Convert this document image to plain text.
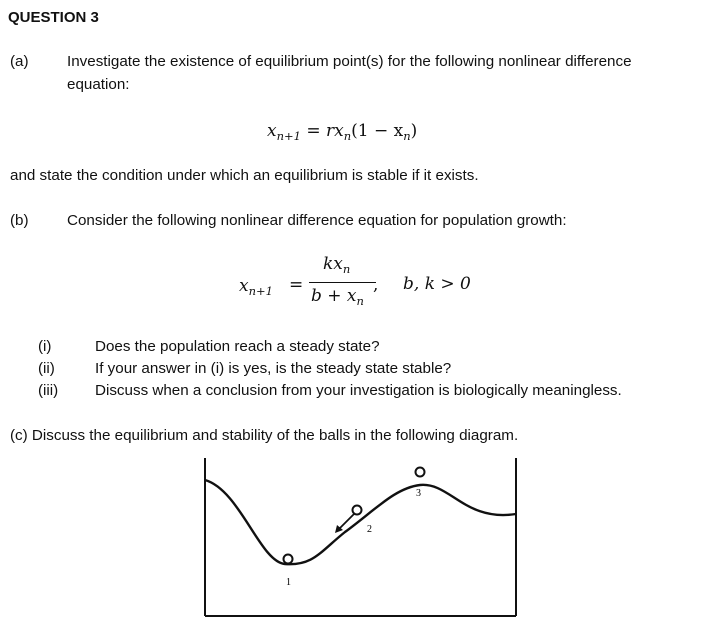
QUESTION 3
(a)	Investigate the existence of equilibrium point(s) for the following nonlinear difference
equation:
$x_{n+1} = rx_n(1 - x_n)$
and state the condition under which an equilibrium is stable if it exists.
(b)	Consider the following nonlinear difference equation for population growth:
$x_{n+1}$ =
$kx_n$
$b + x_n$
, b, k > 0
(i)	Does the population reach a steady state?
(ii)	If your answer in (i) is yes, is the steady state stable?
(iii) Discuss when a conclusion from your investigation is biologically meaningless.
(c) Discuss the equilibrium and stability of the balls in the following diagram.
1
2
3
